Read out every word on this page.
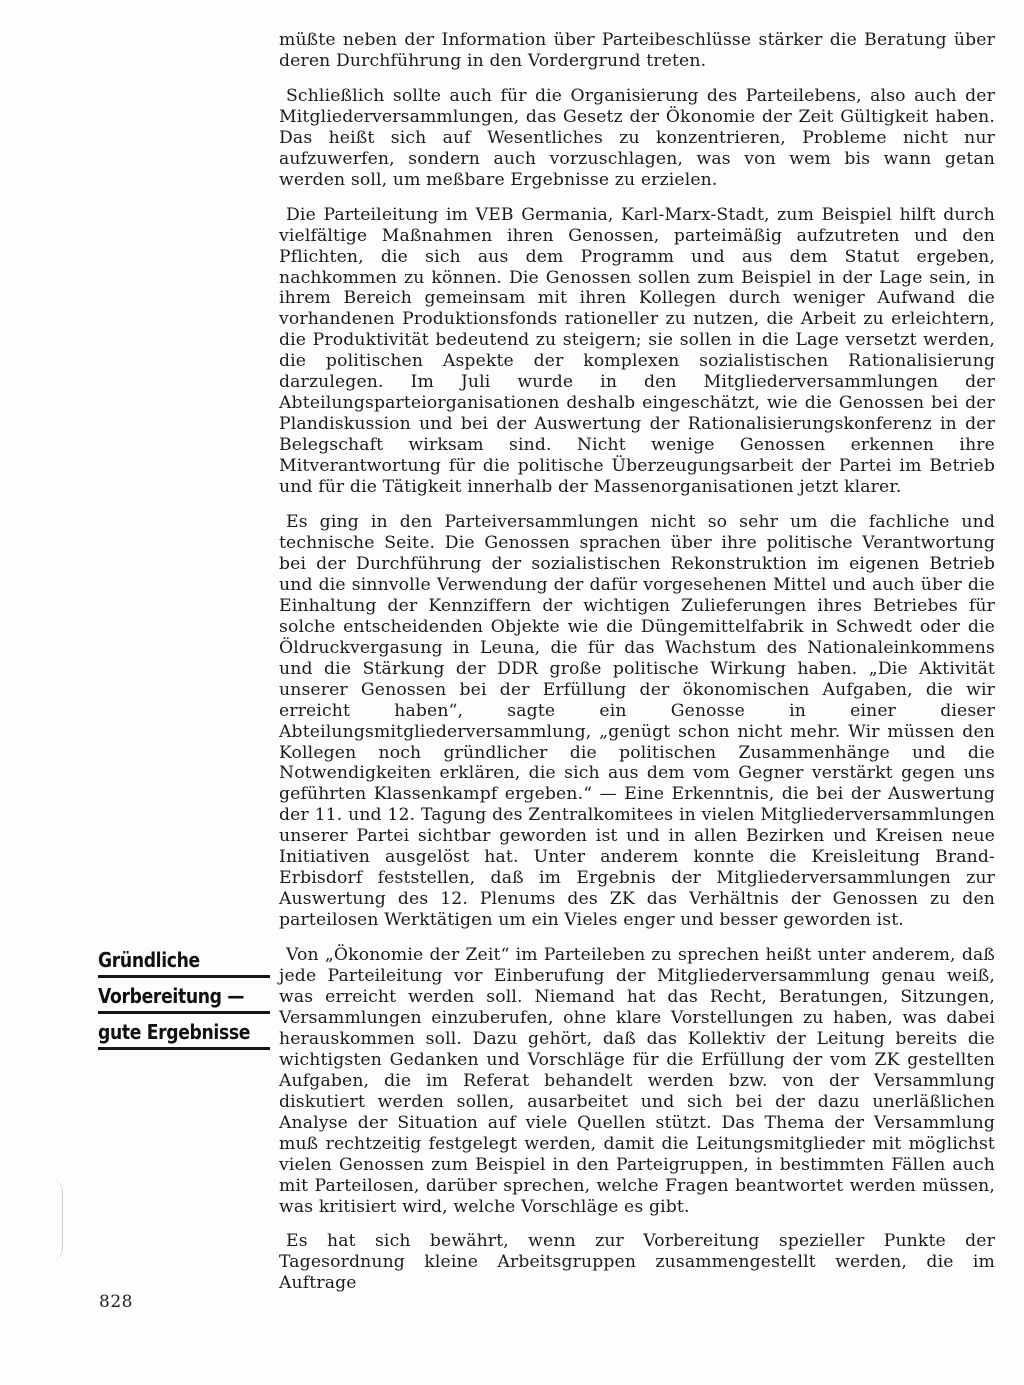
müßte neben der Information über Parteibeschlüsse stärker die Beratung über deren Durchführung in den Vordergrund treten.

Schließlich sollte auch für die Organisierung des Parteilebens, also auch der Mitgliederversammlungen, das Gesetz der Ökonomie der Zeit Gültigkeit haben. Das heißt sich auf Wesentliches zu konzentrieren, Probleme nicht nur aufzuwerfen, sondern auch vorzuschlagen, was von wem bis wann getan werden soll, um meßbare Ergebnisse zu erzielen.

Die Parteileitung im VEB Germania, Karl-Marx-Stadt, zum Beispiel hilft durch vielfältige Maßnahmen ihren Genossen, parteimäßig aufzutreten und den Pflichten, die sich aus dem Programm und aus dem Statut ergeben, nachkommen zu können. Die Genossen sollen zum Beispiel in der Lage sein, in ihrem Bereich gemeinsam mit ihren Kollegen durch weniger Aufwand die vorhandenen Produktionsfonds rationeller zu nutzen, die Arbeit zu erleichtern, die Produktivität bedeutend zu steigern; sie sollen in die Lage versetzt werden, die politischen Aspekte der komplexen sozialistischen Rationalisierung darzulegen. Im Juli wurde in den Mitgliederversammlungen der Abteilungsparteiorganisationen deshalb eingeschätzt, wie die Genossen bei der Plandiskussion und bei der Auswertung der Rationalisierungskonferenz in der Belegschaft wirksam sind. Nicht wenige Genossen erkennen ihre Mitverantwortung für die politische Überzeugungsarbeit der Partei im Betrieb und für die Tätigkeit innerhalb der Massenorganisationen jetzt klarer.

Es ging in den Parteiversammlungen nicht so sehr um die fachliche und technische Seite. Die Genossen sprachen über ihre politische Verantwortung bei der Durchführung der sozialistischen Rekonstruktion im eigenen Betrieb und die sinnvolle Verwendung der dafür vorgesehenen Mittel und auch über die Einhaltung der Kennziffern der wichtigen Zulieferungen ihres Betriebes für solche entscheidenden Objekte wie die Düngemittelfabrik in Schwedt oder die Öldruckvergasung in Leuna, die für das Wachstum des Nationaleinkommens und die Stärkung der DDR große politische Wirkung haben. „Die Aktivität unserer Genossen bei der Erfüllung der ökonomischen Aufgaben, die wir erreicht haben“, sagte ein Genosse in einer dieser Abteilungsmitgliederversammlung, „genügt schon nicht mehr. Wir müssen den Kollegen noch gründlicher die politischen Zusammenhänge und die Notwendigkeiten erklären, die sich aus dem vom Gegner verstärkt gegen uns geführten Klassenkampf ergeben.“ — Eine Erkenntnis, die bei der Auswertung der 11. und 12. Tagung des Zentralkomitees in vielen Mitgliederversammlungen unserer Partei sichtbar geworden ist und in allen Bezirken und Kreisen neue Initiativen ausgelöst hat. Unter anderem konnte die Kreisleitung Brand-Erbisdorf feststellen, daß im Ergebnis der Mitgliederversammlungen zur Auswertung des 12. Plenums des ZK das Verhältnis der Genossen zu den parteilosen Werktätigen um ein Vieles enger und besser geworden ist.

Von „Ökonomie der Zeit“ im Parteileben zu sprechen heißt unter anderem, daß jede Parteileitung vor Einberufung der Mitgliederversammlung genau weiß, was erreicht werden soll. Niemand hat das Recht, Beratungen, Sitzungen, Versammlungen einzuberufen, ohne klare Vorstellungen zu haben, was dabei herauskommen soll. Dazu gehört, daß das Kollektiv der Leitung bereits die wichtigsten Gedanken und Vorschläge für die Erfüllung der vom ZK gestellten Aufgaben, die im Referat behandelt werden bzw. von der Versammlung diskutiert werden sollen, ausarbeitet und sich bei der dazu unerläßlichen Analyse der Situation auf viele Quellen stützt. Das Thema der Versammlung muß rechtzeitig festgelegt werden, damit die Leitungsmitglieder mit möglichst vielen Genossen zum Beispiel in den Parteigruppen, in bestimmten Fällen auch mit Parteilosen, darüber sprechen, welche Fragen beantwortet werden müssen, was kritisiert wird, welche Vorschläge es gibt.

Es hat sich bewährt, wenn zur Vorbereitung spezieller Punkte der Tagesordnung kleine Arbeitsgruppen zusammengestellt werden, die im Auftrage

Gründliche
Vorbereitung —
gute Ergebnisse
828
